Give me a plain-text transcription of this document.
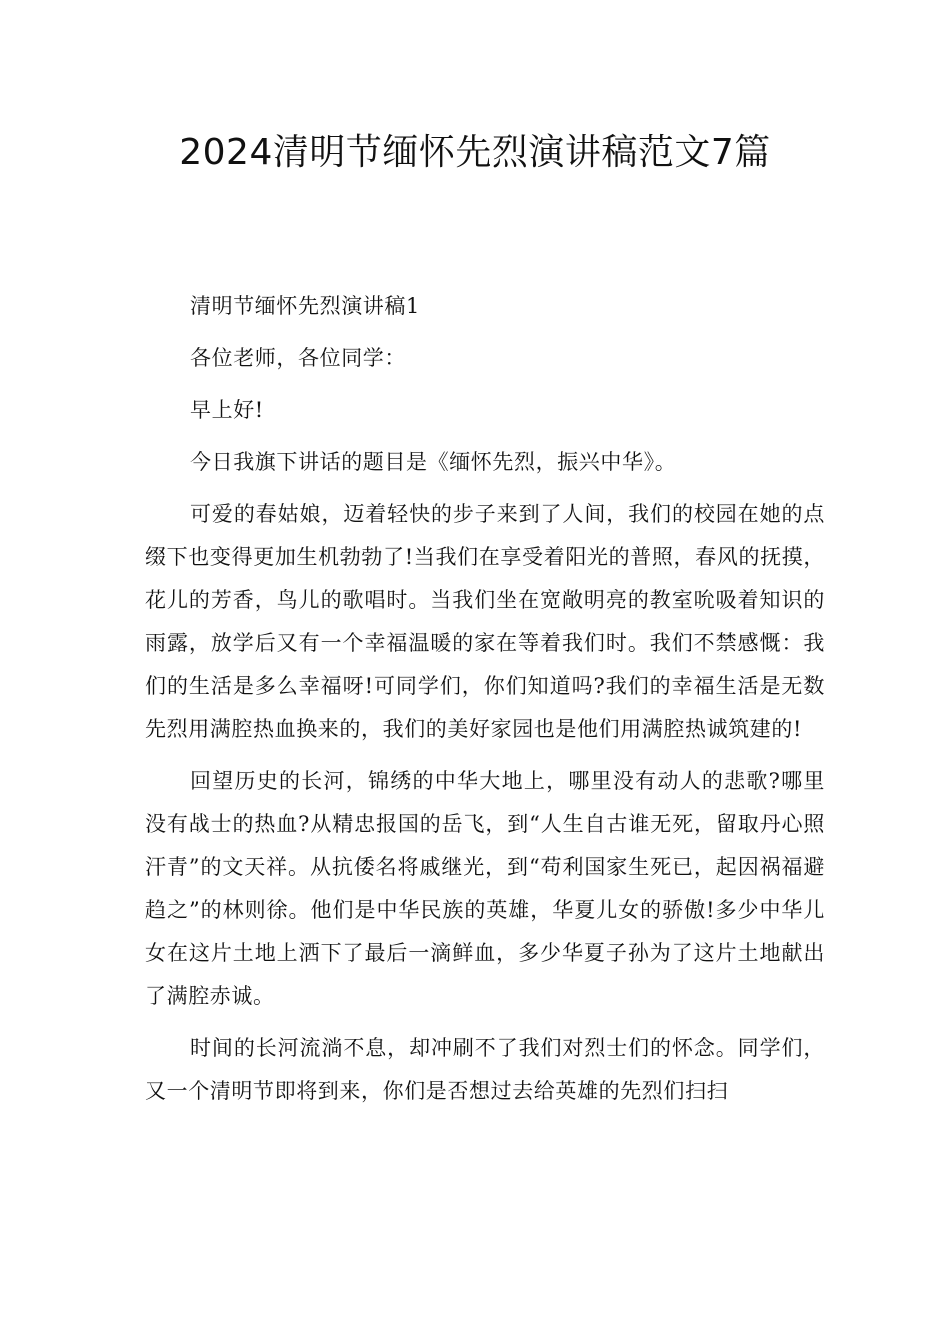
2024清明节缅怀先烈演讲稿范文7篇

清明节缅怀先烈演讲稿1

各位老师，各位同学：

早上好!

今日我旗下讲话的题目是《缅怀先烈，振兴中华》。

可爱的春姑娘，迈着轻快的步子来到了人间，我们的校园在她的点缀下也变得更加生机勃勃了!当我们在享受着阳光的普照，春风的抚摸，花儿的芳香，鸟儿的歌唱时。当我们坐在宽敞明亮的教室吮吸着知识的雨露，放学后又有一个幸福温暖的家在等着我们时。我们不禁感慨：我们的生活是多么幸福呀!可同学们，你们知道吗?我们的幸福生活是无数先烈用满腔热血换来的，我们的美好家园也是他们用满腔热诚筑建的!

回望历史的长河，锦绣的中华大地上，哪里没有动人的悲歌?哪里没有战士的热血?从精忠报国的岳飞，到“人生自古谁无死，留取丹心照汗青”的文天祥。从抗倭名将戚继光，到“苟利国家生死已，起因祸福避趋之”的林则徐。他们是中华民族的英雄，华夏儿女的骄傲!多少中华儿女在这片土地上洒下了最后一滴鲜血，多少华夏子孙为了这片土地献出了满腔赤诚。

时间的长河流淌不息，却冲刷不了我们对烈士们的怀念。同学们，又一个清明节即将到来，你们是否想过去给英雄的先烈们扫扫
